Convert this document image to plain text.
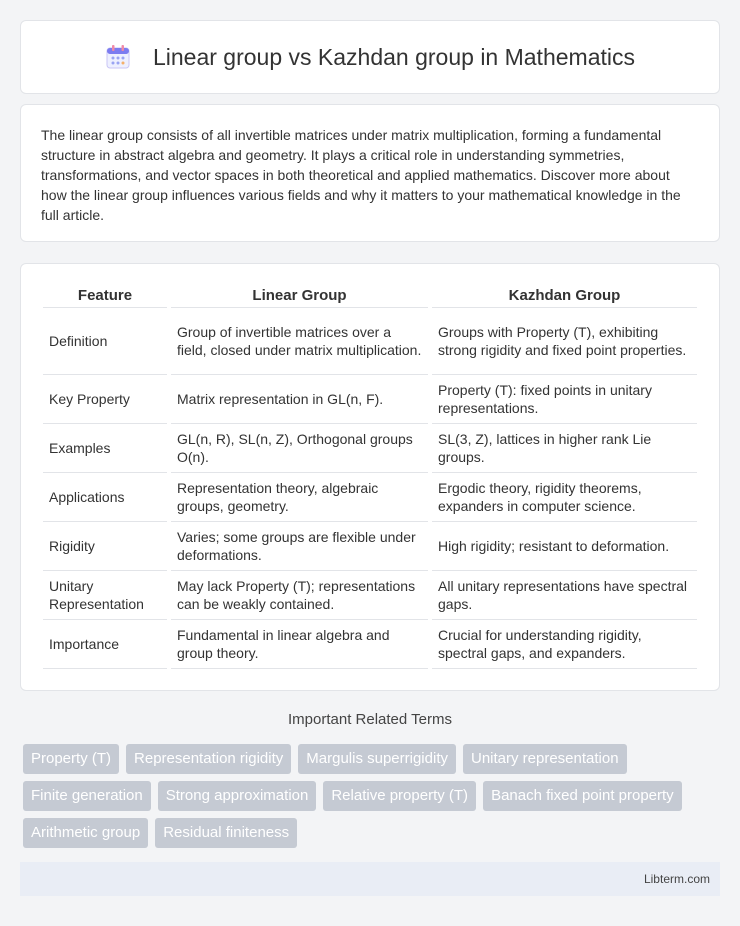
Linear group vs Kazhdan group in Mathematics

The linear group consists of all invertible matrices under matrix multiplication, forming a fundamental structure in abstract algebra and geometry. It plays a critical role in understanding symmetries, transformations, and vector spaces in both theoretical and applied mathematics. Discover more about how the linear group influences various fields and why it matters to your mathematical knowledge in the full article.

Feature	Linear Group	Kazhdan Group
Definition	Group of invertible matrices over a field, closed under matrix multiplication.	Groups with Property (T), exhibiting strong rigidity and fixed point properties.
Key Property	Matrix representation in GL(n, F).	Property (T): fixed points in unitary representations.
Examples	GL(n, R), SL(n, Z), Orthogonal groups O(n).	SL(3, Z), lattices in higher rank Lie groups.
Applications	Representation theory, algebraic groups, geometry.	Ergodic theory, rigidity theorems, expanders in computer science.
Rigidity	Varies; some groups are flexible under deformations.	High rigidity; resistant to deformation.
Unitary Representation	May lack Property (T); representations can be weakly contained.	All unitary representations have spectral gaps.
Importance	Fundamental in linear algebra and group theory.	Crucial for understanding rigidity, spectral gaps, and expanders.
Important Related Terms
Property (T)	Representation rigidity	Margulis superrigidity	Unitary representation
Finite generation	Strong approximation	Relative property (T)	Banach fixed point property
Arithmetic group	Residual finiteness
Libterm.com
